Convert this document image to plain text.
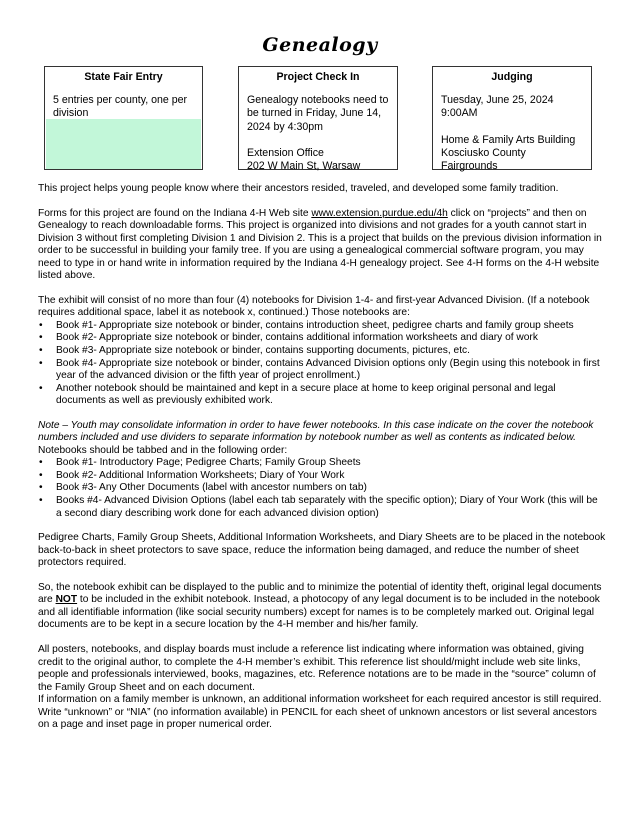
Genealogy
State Fair Entry
5 entries per county, one per division
Project Check In
Genealogy notebooks need to be turned in Friday, June 14, 2024 by 4:30pm
Extension Office
202 W Main St, Warsaw
Judging
Tuesday, June 25, 2024
9:00AM
Home & Family Arts Building
Kosciusko County Fairgrounds

This project helps young people know where their ancestors resided, traveled, and developed some family tradition.

Forms for this project are found on the Indiana 4-H Web site www.extension.purdue.edu/4h click on “projects” and then on Genealogy to reach downloadable forms. This project is organized into divisions and not grades for a youth cannot start in Division 3 without first completing Division 1 and Division 2. This is a project that builds on the previous division information in order to be successful in building your family tree. If you are using a genealogical commercial software program, you may need to type in or hand write in information required by the Indiana 4-H genealogy project. See 4-H forms on the 4-H website listed above.

The exhibit will consist of no more than four (4) notebooks for Division 1-4- and first-year Advanced Division. (If a notebook requires additional space, label it as notebook x, continued.) Those notebooks are:

• Book #1- Appropriate size notebook or binder, contains introduction sheet, pedigree charts and family group sheets
• Book #2- Appropriate size notebook or binder, contains additional information worksheets and diary of work
• Book #3- Appropriate size notebook or binder, contains supporting documents, pictures, etc.
• Book #4- Appropriate size notebook or binder, contains Advanced Division options only (Begin using this notebook in first year of the advanced division or the fifth year of project enrollment.)
• Another notebook should be maintained and kept in a secure place at home to keep original personal and legal documents as well as previously exhibited work.

Note – Youth may consolidate information in order to have fewer notebooks. In this case indicate on the cover the notebook numbers included and use dividers to separate information by notebook number as well as contents as indicated below.

Notebooks should be tabbed and in the following order:

• Book #1- Introductory Page; Pedigree Charts; Family Group Sheets
• Book #2- Additional Information Worksheets; Diary of Your Work
• Book #3- Any Other Documents (label with ancestor numbers on tab)
• Books #4- Advanced Division Options (label each tab separately with the specific option); Diary of Your Work (this will be a second diary describing work done for each advanced division option)

Pedigree Charts, Family Group Sheets, Additional Information Worksheets, and Diary Sheets are to be placed in the notebook back-to-back in sheet protectors to save space, reduce the information being damaged, and reduce the number of sheet protectors required.

So, the notebook exhibit can be displayed to the public and to minimize the potential of identity theft, original legal documents are NOT to be included in the exhibit notebook. Instead, a photocopy of any legal document is to be included in the notebook and all identifiable information (like social security numbers) except for names is to be completely marked out. Original legal documents are to be kept in a secure location by the 4-H member and his/her family.

All posters, notebooks, and display boards must include a reference list indicating where information was obtained, giving credit to the original author, to complete the 4-H member’s exhibit. This reference list should/might include web site links, people and professionals interviewed, books, magazines, etc. Reference notations are to be made in the “source” column of the Family Group Sheet and on each document.

If information on a family member is unknown, an additional information worksheet for each required ancestor is still required. Write “unknown” or “NIA” (no information available) in PENCIL for each sheet of unknown ancestors or list several ancestors on a page and inset page in proper numerical order.
